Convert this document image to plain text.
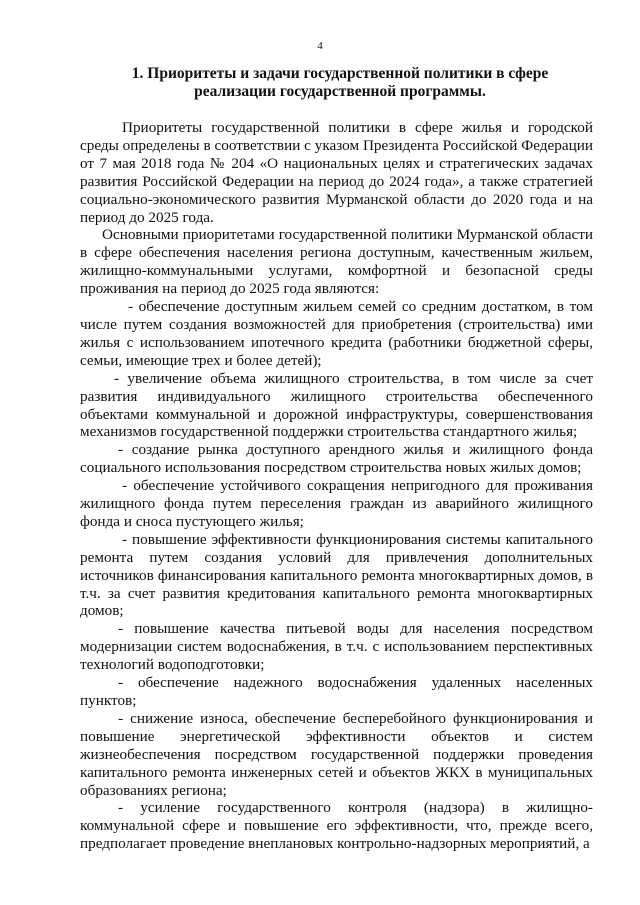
4

1. Приоритеты и задачи государственной политики в сфере реализации государственной программы.

Приоритеты государственной политики в сфере жилья и городской среды определены в соответствии с указом Президента Российской Федерации от 7 мая 2018 года № 204 «О национальных целях и стратегических задачах развития Российской Федерации на период до 2024 года», а также стратегией социально-экономического развития Мурманской области до 2020 года и на период до 2025 года.

Основными приоритетами государственной политики Мурманской области в сфере обеспечения населения региона доступным, качественным жильем, жилищно-коммунальными услугами, комфортной и безопасной среды проживания на период до 2025 года являются:

- обеспечение доступным жильем семей со средним достатком, в том числе путем создания возможностей для приобретения (строительства) ими жилья с использованием ипотечного кредита (работники бюджетной сферы, семьи, имеющие трех и более детей);

- увеличение объема жилищного строительства, в том числе за счет развития индивидуального жилищного строительства обеспеченного объектами коммунальной и дорожной инфраструктуры, совершенствования механизмов государственной поддержки строительства стандартного жилья;

- создание рынка доступного арендного жилья и жилищного фонда социального использования посредством строительства новых жилых домов;

- обеспечение устойчивого сокращения непригодного для проживания жилищного фонда путем переселения граждан из аварийного жилищного фонда и сноса пустующего жилья;

- повышение эффективности функционирования системы капитального ремонта путем создания условий для привлечения дополнительных источников финансирования капитального ремонта многоквартирных домов, в т.ч. за счет развития кредитования капитального ремонта многоквартирных домов;

- повышение качества питьевой воды для населения посредством модернизации систем водоснабжения, в т.ч. с использованием перспективных технологий водоподготовки;

- обеспечение надежного водоснабжения удаленных населенных пунктов;

- снижение износа, обеспечение бесперебойного функционирования и повышение энергетической эффективности объектов и систем жизнеобеспечения посредством государственной поддержки проведения капитального ремонта инженерных сетей и объектов ЖКХ в муниципальных образованиях региона;

- усиление государственного контроля (надзора) в жилищно-коммунальной сфере и повышение его эффективности, что, прежде всего, предполагает проведение внеплановых контрольно-надзорных мероприятий, а
